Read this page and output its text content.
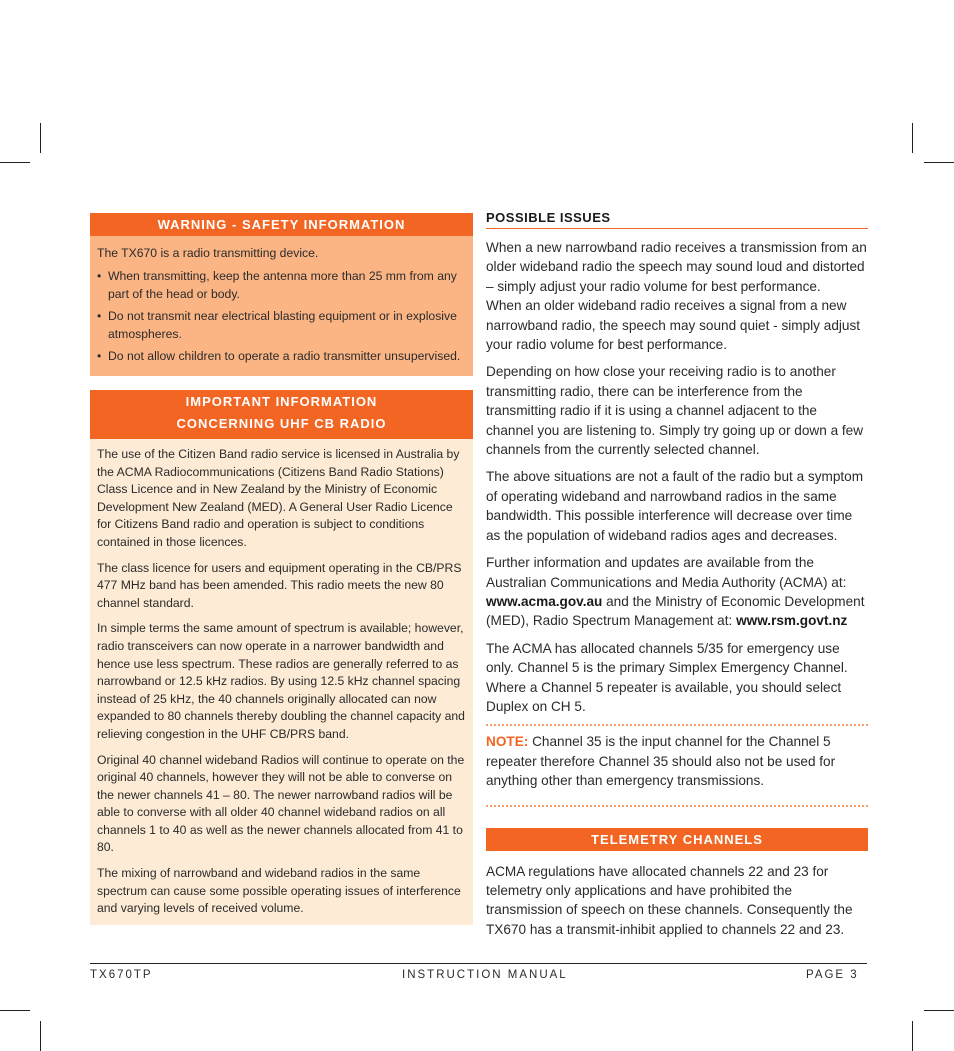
WARNING - SAFETY INFORMATION

The TX670 is a radio transmitting device.

• When transmitting, keep the antenna more than 25 mm from any part of the head or body.
• Do not transmit near electrical blasting equipment or in explosive atmospheres.
• Do not allow children to operate a radio transmitter unsupervised.
IMPORTANT INFORMATION
CONCERNING UHF CB RADIO

The use of the Citizen Band radio service is licensed in Australia by the ACMA Radiocommunications (Citizens Band Radio Stations) Class Licence and in New Zealand by the Ministry of Economic Development New Zealand (MED). A General User Radio Licence for Citizens Band radio and operation is subject to conditions contained in those licences.

The class licence for users and equipment operating in the CB/PRS 477 MHz band has been amended. This radio meets the new 80 channel standard.

In simple terms the same amount of spectrum is available; however, radio transceivers can now operate in a narrower bandwidth and hence use less spectrum. These radios are generally referred to as narrowband or 12.5 kHz radios. By using 12.5 kHz channel spacing instead of 25 kHz, the 40 channels originally allocated can now expanded to 80 channels thereby doubling the channel capacity and relieving congestion in the UHF CB/PRS band.

Original 40 channel wideband Radios will continue to operate on the original 40 channels, however they will not be able to converse on the newer channels 41 – 80. The newer narrowband radios will be able to converse with all older 40 channel wideband radios on all channels 1 to 40 as well as the newer channels allocated from 41 to 80.

The mixing of narrowband and wideband radios in the same spectrum can cause some possible operating issues of interference and varying levels of received volume.

POSSIBLE ISSUES

When a new narrowband radio receives a transmission from an older wideband radio the speech may sound loud and distorted – simply adjust your radio volume for best performance.
When an older wideband radio receives a signal from a new narrowband radio, the speech may sound quiet - simply adjust your radio volume for best performance.

Depending on how close your receiving radio is to another transmitting radio, there can be interference from the transmitting radio if it is using a channel adjacent to the channel you are listening to. Simply try going up or down a few channels from the currently selected channel.

The above situations are not a fault of the radio but a symptom of operating wideband and narrowband radios in the same bandwidth. This possible interference will decrease over time as the population of wideband radios ages and decreases.

Further information and updates are available from the Australian Communications and Media Authority (ACMA) at:
www.acma.gov.au and the Ministry of Economic Development (MED), Radio Spectrum Management at: www.rsm.govt.nz

The ACMA has allocated channels 5/35 for emergency use only. Channel 5 is the primary Simplex Emergency Channel. Where a Channel 5 repeater is available, you should select Duplex on CH 5.

NOTE: Channel 35 is the input channel for the Channel 5 repeater therefore Channel 35 should also not be used for anything other than emergency transmissions.

TELEMETRY CHANNELS

ACMA regulations have allocated channels 22 and 23 for telemetry only applications and have prohibited the transmission of speech on these channels. Consequently the TX670 has a transmit-inhibit applied to channels 22 and 23.

TX670TP	INSTRUCTION MANUAL	PAGE 3
